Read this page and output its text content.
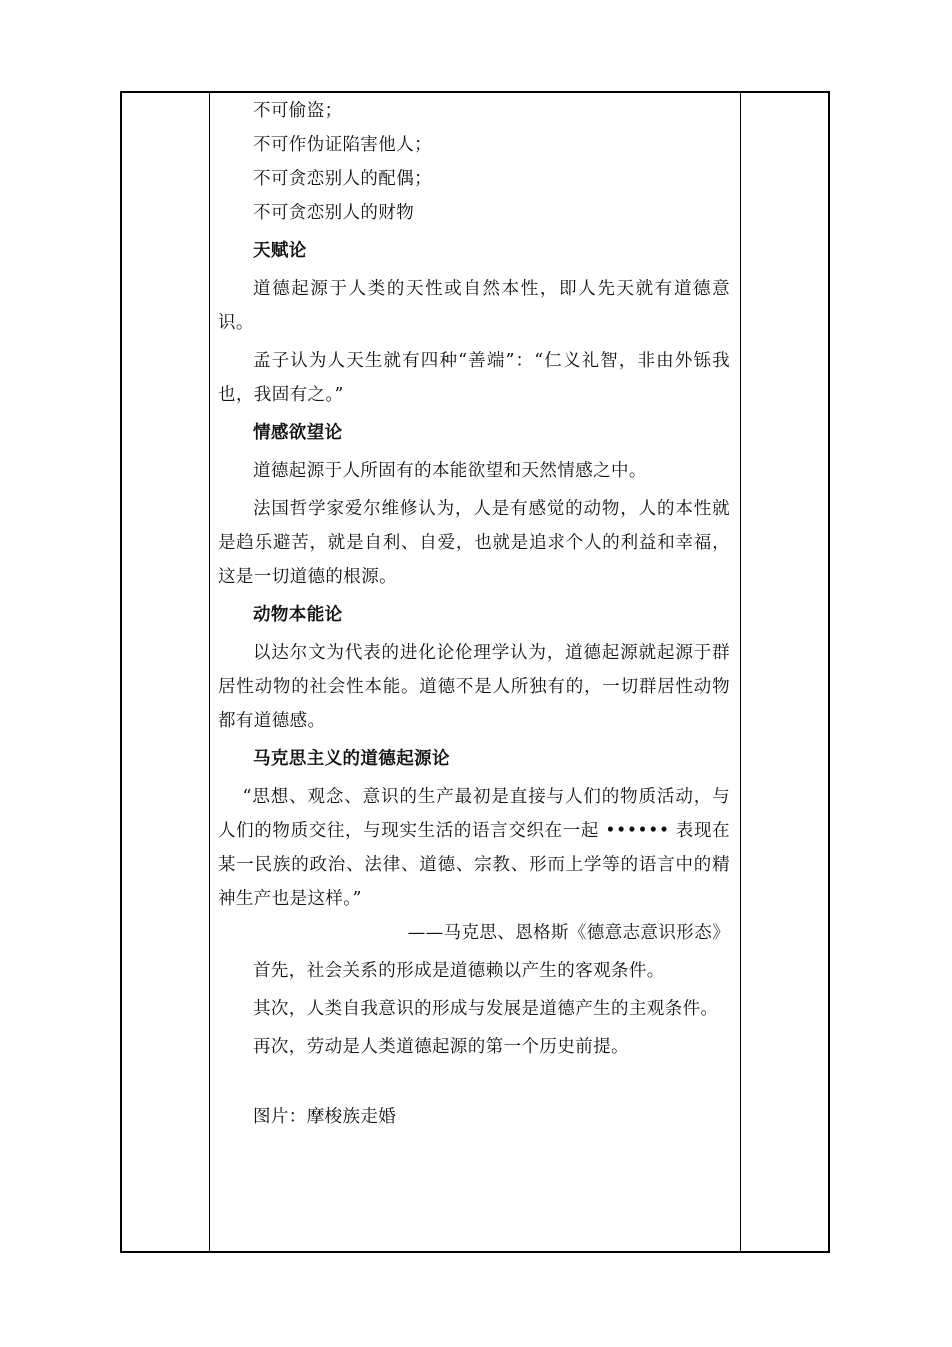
不可偷盗；

不可作伪证陷害他人；

不可贪恋别人的配偶；

不可贪恋别人的财物

天赋论

道德起源于人类的天性或自然本性，即人先天就有道德意识。

孟子认为人天生就有四种“善端”：“仁义礼智，非由外铄我也，我固有之。”

情感欲望论

道德起源于人所固有的本能欲望和天然情感之中。

法国哲学家爱尔维修认为，人是有感觉的动物，人的本性就是趋乐避苦，就是自利、自爱，也就是追求个人的利益和幸福，这是一切道德的根源。

动物本能论

以达尔文为代表的进化论伦理学认为，道德起源就起源于群居性动物的社会性本能。道德不是人所独有的，一切群居性动物都有道德感。

马克思主义的道德起源论

“思想、观念、意识的生产最初是直接与人们的物质活动，与人们的物质交往，与现实生活的语言交织在一起 •••••• 表现在某一民族的政治、法律、道德、宗教、形而上学等的语言中的精神生产也是这样。”

——马克思、恩格斯《德意志意识形态》

首先，社会关系的形成是道德赖以产生的客观条件。

其次，人类自我意识的形成与发展是道德产生的主观条件。

再次，劳动是人类道德起源的第一个历史前提。

图片：摩梭族走婚
